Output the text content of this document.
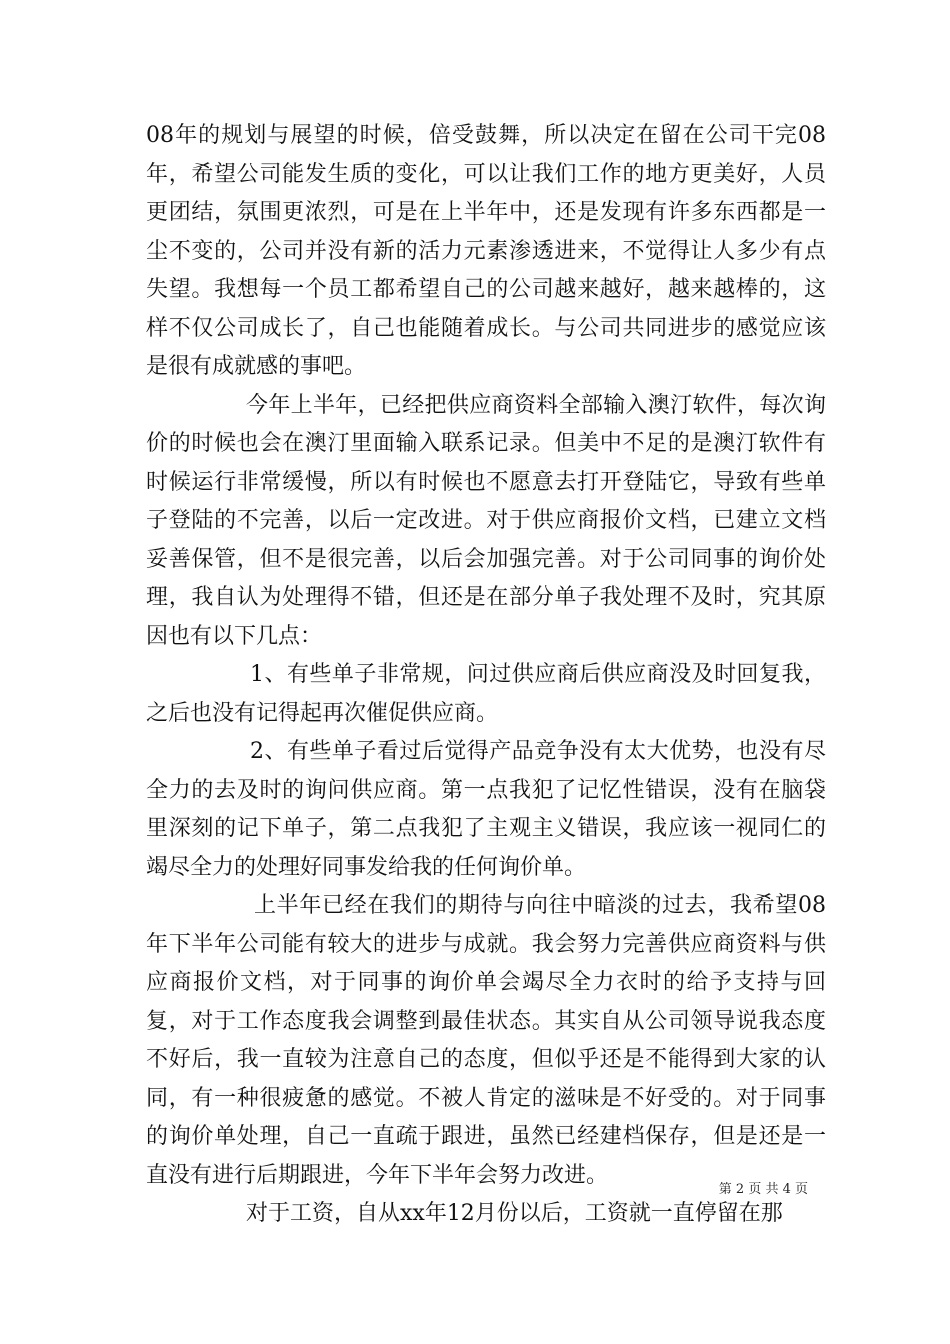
08年的规划与展望的时候，倍受鼓舞，所以决定在留在公司干完08年，希望公司能发生质的变化，可以让我们工作的地方更美好，人员更团结，氛围更浓烈，可是在上半年中，还是发现有许多东西都是一尘不变的，公司并没有新的活力元素渗透进来，不觉得让人多少有点失望。我想每一个员工都希望自己的公司越来越好，越来越棒的，这样不仅公司成长了，自己也能随着成长。与公司共同进步的感觉应该是很有成就感的事吧。

今年上半年，已经把供应商资料全部输入澳汀软件，每次询价的时候也会在澳汀里面输入联系记录。但美中不足的是澳汀软件有时候运行非常缓慢，所以有时候也不愿意去打开登陆它，导致有些单子登陆的不完善，以后一定改进。对于供应商报价文档，已建立文档妥善保管，但不是很完善，以后会加强完善。对于公司同事的询价处理，我自认为处理得不错，但还是在部分单子我处理不及时，究其原因也有以下几点：

1、有些单子非常规，问过供应商后供应商没及时回复我，之后也没有记得起再次催促供应商。

2、有些单子看过后觉得产品竞争没有太大优势，也没有尽全力的去及时的询问供应商。第一点我犯了记忆性错误，没有在脑袋里深刻的记下单子，第二点我犯了主观主义错误，我应该一视同仁的竭尽全力的处理好同事发给我的任何询价单。

上半年已经在我们的期待与向往中暗淡的过去，我希望08年下半年公司能有较大的进步与成就。我会努力完善供应商资料与供应商报价文档，对于同事的询价单会竭尽全力衣时的给予支持与回复，对于工作态度我会调整到最佳状态。其实自从公司领导说我态度不好后，我一直较为注意自己的态度，但似乎还是不能得到大家的认同，有一种很疲惫的感觉。不被人肯定的滋味是不好受的。对于同事的询价单处理，自己一直疏于跟进，虽然已经建档保存，但是还是一直没有进行后期跟进，今年下半年会努力改进。

对于工资，自从xx年12月份以后，工资就一直停留在那

第 2 页 共 4 页
